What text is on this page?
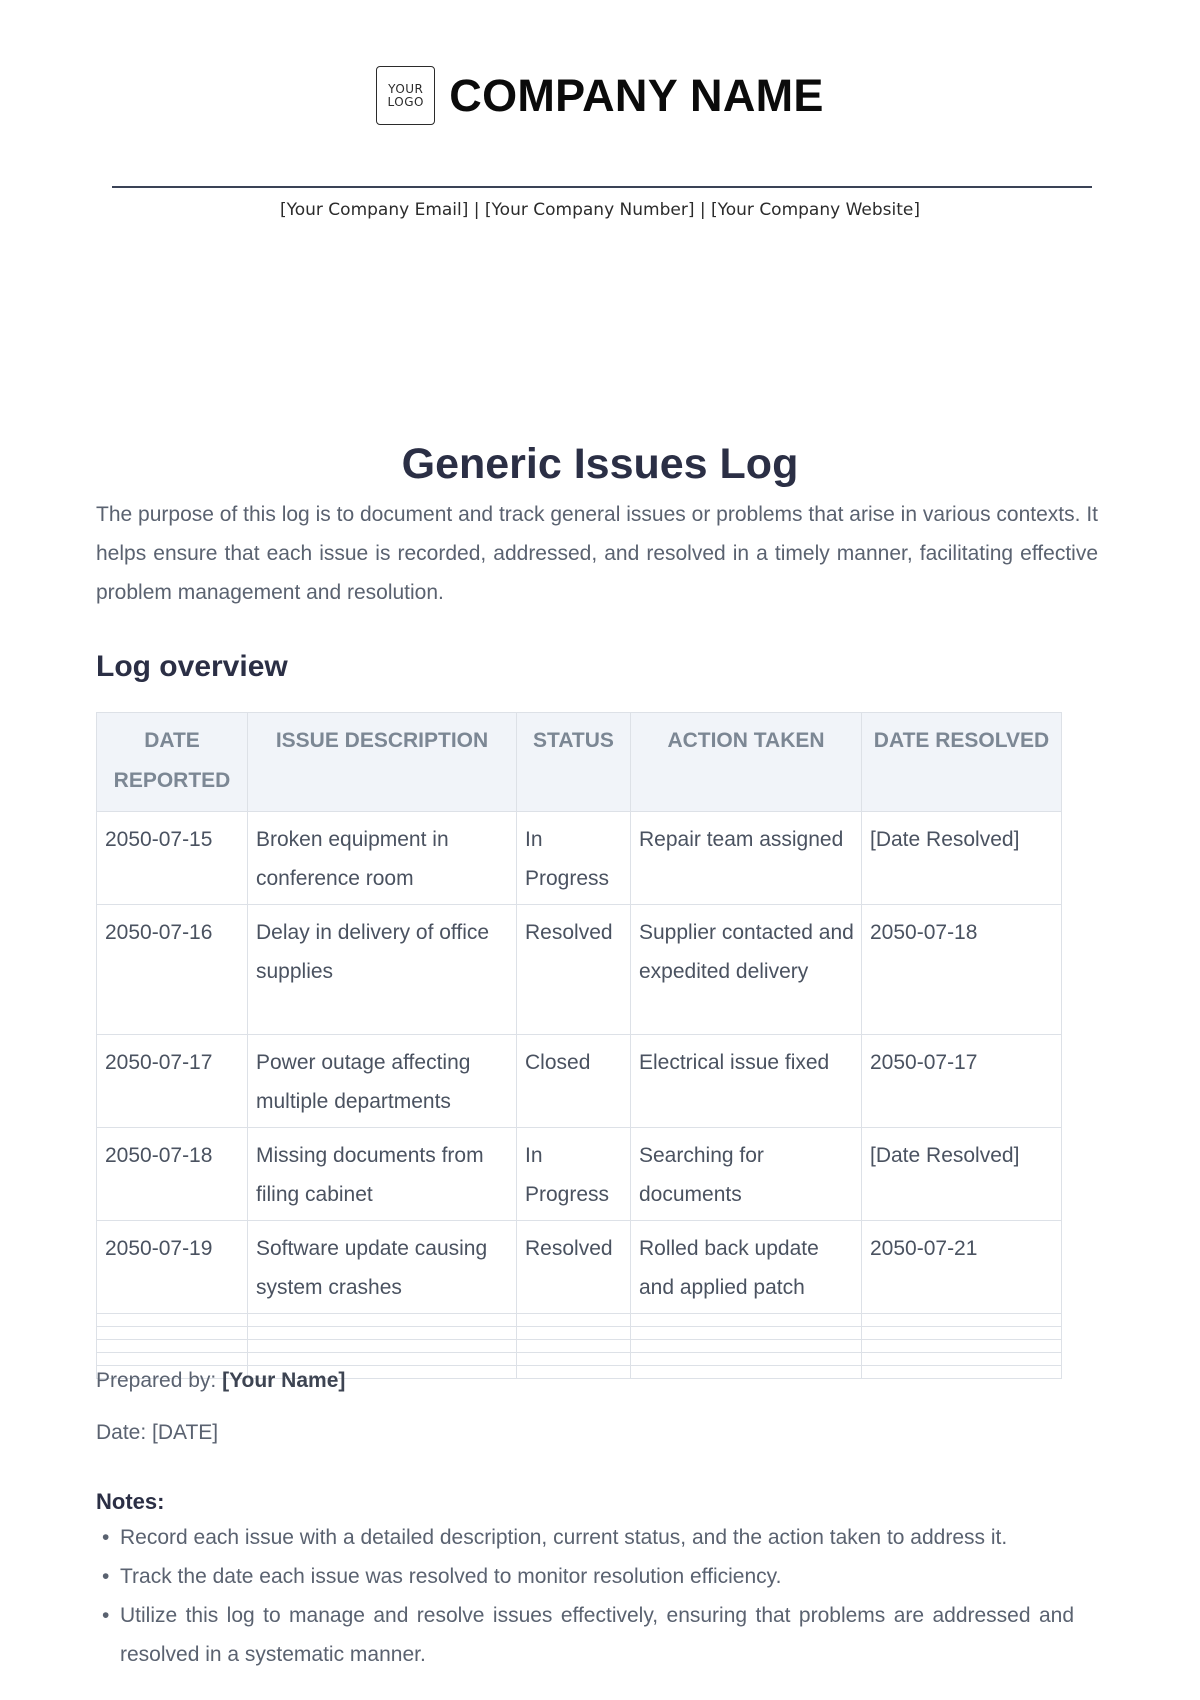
YOUR
LOGO COMPANY NAME
[Your Company Email] | [Your Company Number] | [Your Company Website]
Generic Issues Log

The purpose of this log is to document and track general issues or problems that arise in various contexts. It helps ensure that each issue is recorded, addressed, and resolved in a timely manner, facilitating effective problem management and resolution.

Log overview
DATE REPORTED	ISSUE DESCRIPTION	STATUS	ACTION TAKEN	DATE RESOLVED
2050-07-15	Broken equipment in conference room	In Progress	Repair team assigned	[Date Resolved]
2050-07-16	Delay in delivery of office supplies	Resolved	Supplier contacted and expedited delivery	2050-07-18
2050-07-17	Power outage affecting multiple departments	Closed	Electrical issue fixed	2050-07-17
2050-07-18	Missing documents from filing cabinet	In Progress	Searching for documents	[Date Resolved]
2050-07-19	Software update causing system crashes	Resolved	Rolled back update and applied patch	2050-07-21

Prepared by: [Your Name]
Date: [DATE]
Notes:
• Record each issue with a detailed description, current status, and the action taken to address it.
• Track the date each issue was resolved to monitor resolution efficiency.
• Utilize this log to manage and resolve issues effectively, ensuring that problems are addressed and resolved in a systematic manner.
